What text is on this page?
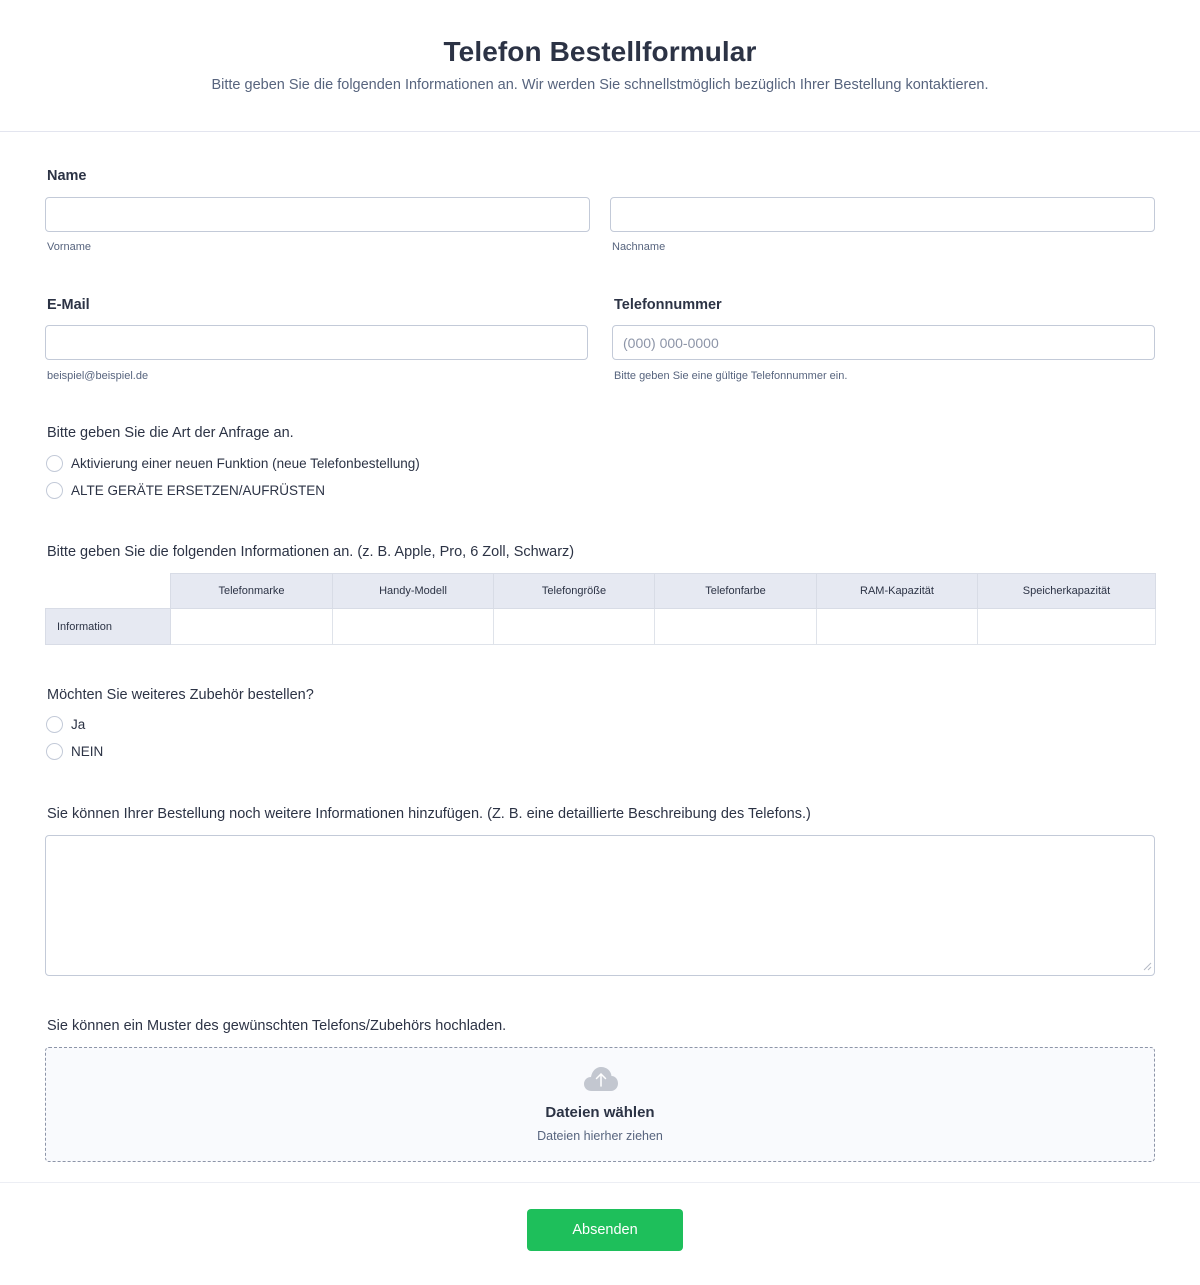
Telefon Bestellformular
Bitte geben Sie die folgenden Informationen an. Wir werden Sie schnellstmöglich bezüglich Ihrer Bestellung kontaktieren.
Name
Vorname	Nachname
E-Mail
beispiel@beispiel.de
Telefonnummer
(000) 000-0000
Bitte geben Sie eine gültige Telefonnummer ein.
Bitte geben Sie die Art der Anfrage an.
Aktivierung einer neuen Funktion (neue Telefonbestellung)
ALTE GERÄTE ERSETZEN/AUFRÜSTEN
Bitte geben Sie die folgenden Informationen an. (z. B. Apple, Pro, 6 Zoll, Schwarz)
	Telefonmarke	Handy-Modell	Telefongröße	Telefonfarbe	RAM-Kapazität	Speicherkapazität
Information						
Möchten Sie weiteres Zubehör bestellen?
Ja
NEIN
Sie können Ihrer Bestellung noch weitere Informationen hinzufügen. (Z. B. eine detaillierte Beschreibung des Telefons.)
Sie können ein Muster des gewünschten Telefons/Zubehörs hochladen.
Dateien wählen
Dateien hierher ziehen
Absenden
